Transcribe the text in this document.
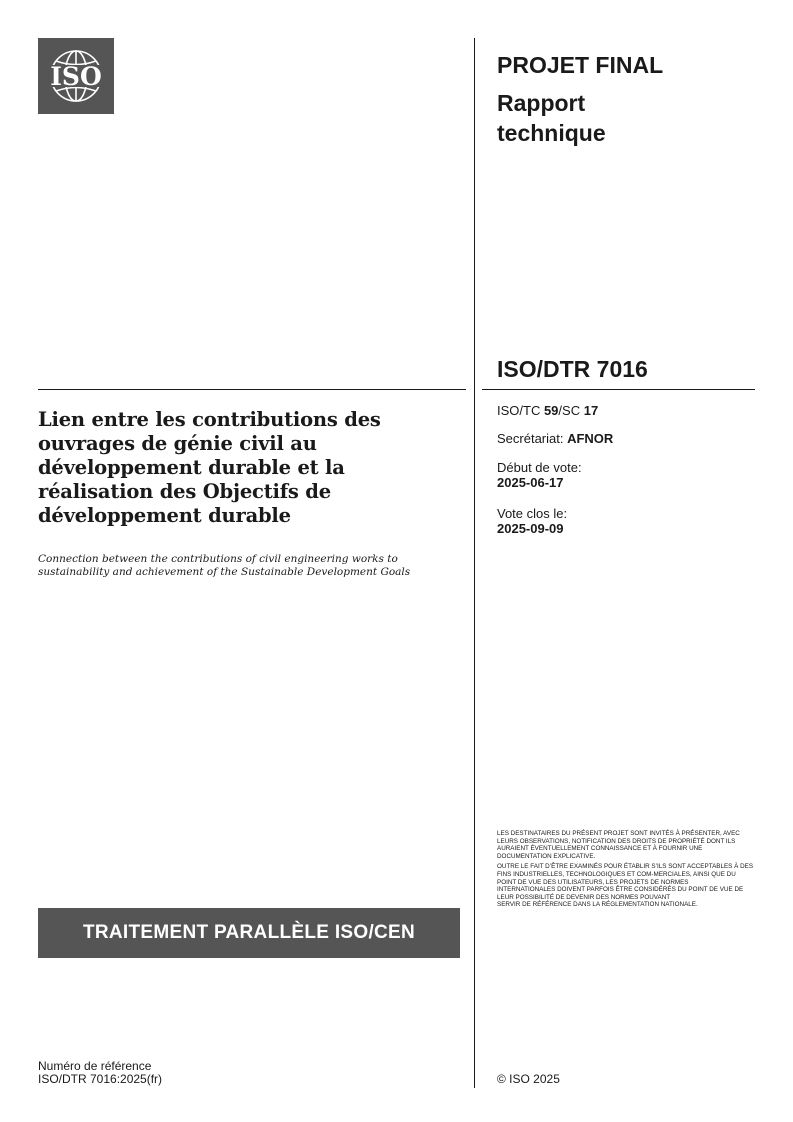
ISO	PROJET FINAL
Rapport technique
ISO/DTR 7016
ISO/TC 59/SC 17
Secrétariat: AFNOR
Début de vote:
2025-06-17
Vote clos le:
2025-09-09
Lien entre les contributions des ouvrages de génie civil au développement durable et la réalisation des Objectifs de développement durable
Connection between the contributions of civil engineering works to sustainability and achievement of the Sustainable Development Goals

LES DESTINATAIRES DU PRÉSENT PROJET SONT INVITÉS À PRÉSENTER, AVEC LEURS OBSERVATIONS, NOTIFICATION DES DROITS DE PROPRIÉTÉ DONT ILS AURAIENT ÉVENTUELLEMENT CONNAISSANCE ET À FOURNIR UNE DOCUMENTATION EXPLICATIVE.

OUTRE LE FAIT D’ÊTRE EXAMINÉS POUR ÉTABLIR S’ILS SONT ACCEPTABLES À DES FINS INDUSTRIELLES, TECHNOLOGIQUES ET COM-MERCIALES, AINSI QUE DU POINT DE VUE DES UTILISATEURS, LES PROJETS DE NORMES
INTERNATIONALES DOIVENT PARFOIS ÊTRE CONSIDÉRÉS DU POINT DE VUE DE LEUR POSSIBILITÉ DE DEVENIR DES NORMES POUVANT
SERVIR DE RÉFÉRENCE DANS LA RÉGLEMENTATION NATIONALE.

TRAITEMENT PARALLÈLE ISO/CEN
Numéro de référence
ISO/DTR 7016:2025(fr)	© ISO 2025
